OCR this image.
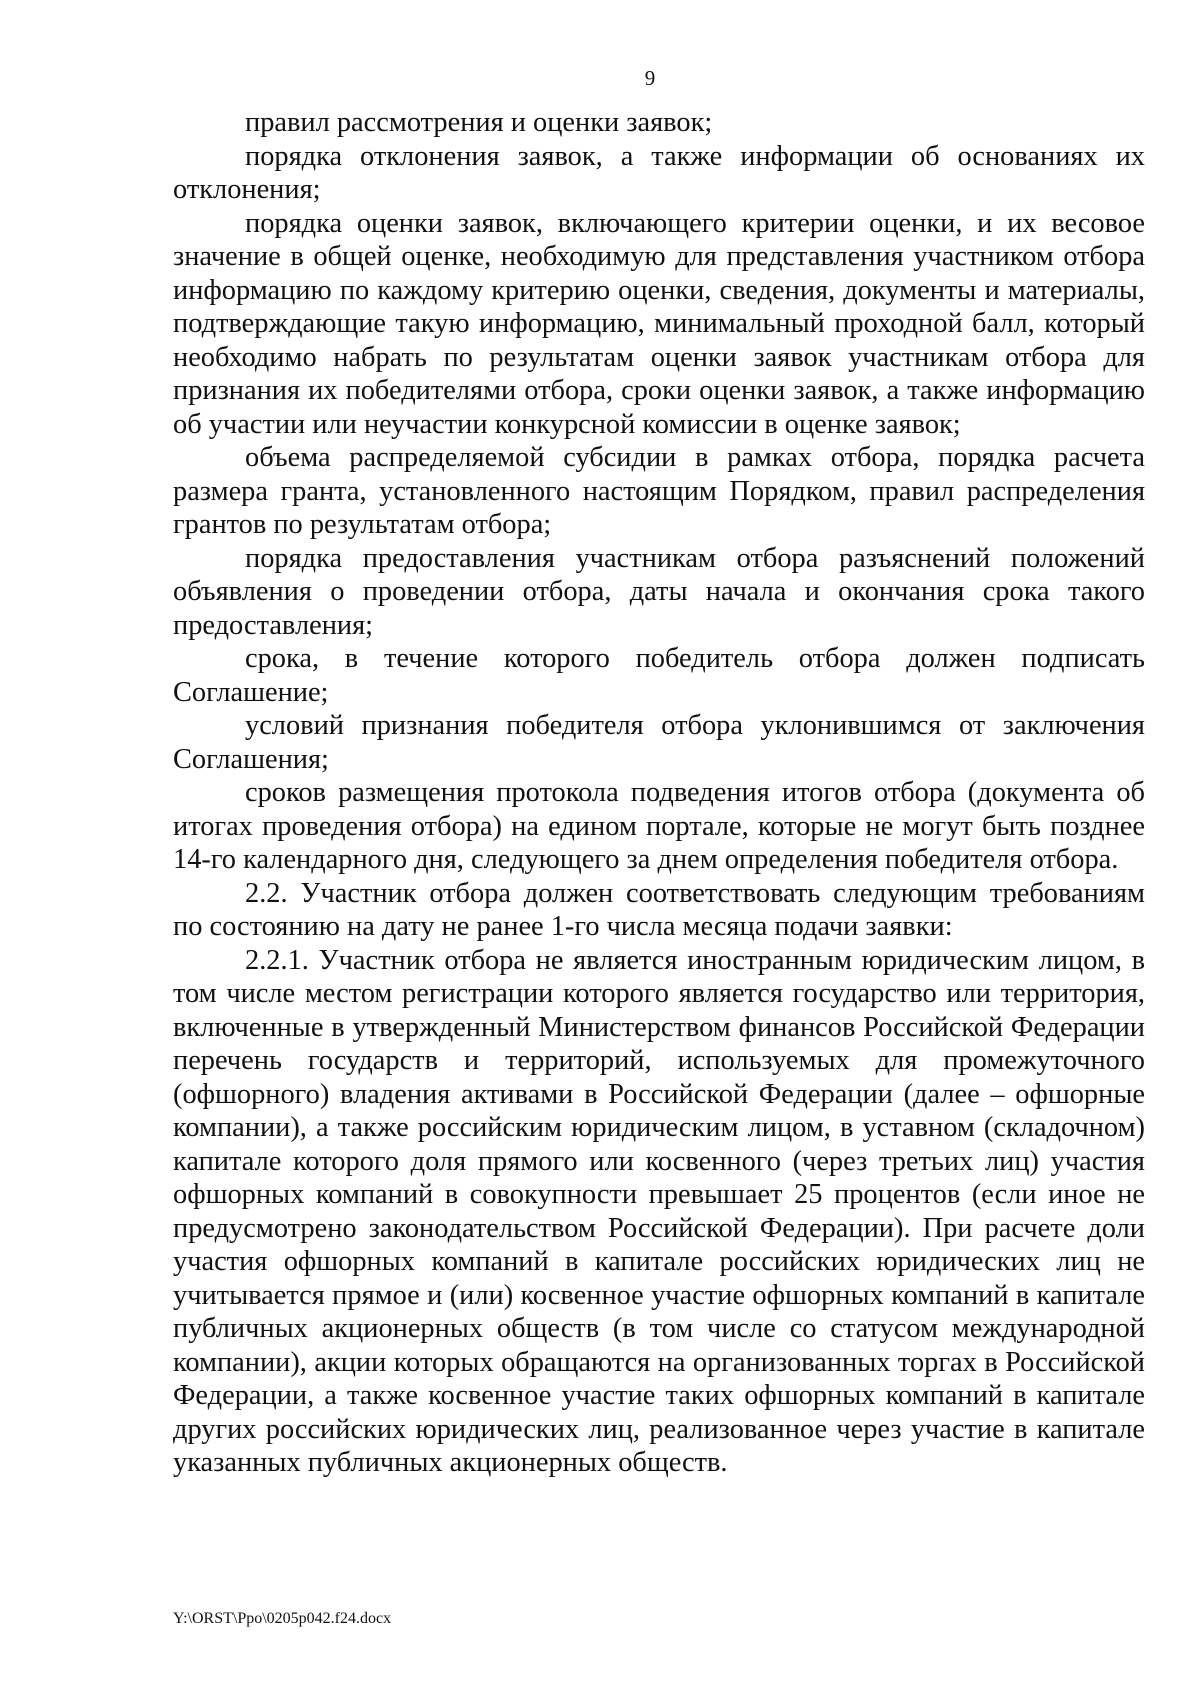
9

правил рассмотрения и оценки заявок;

порядка отклонения заявок, а также информации об основаниях их отклонения;

порядка оценки заявок, включающего критерии оценки, и их весовое значение в общей оценке, необходимую для представления участником отбора информацию по каждому критерию оценки, сведения, документы и материалы, подтверждающие такую информацию, минимальный проходной балл, который необходимо набрать по результатам оценки заявок участникам отбора для признания их победителями отбора, сроки оценки заявок, а также информацию об участии или неучастии конкурсной комиссии в оценке заявок;

объема распределяемой субсидии в рамках отбора, порядка расчета размера гранта, установленного настоящим Порядком, правил распределения грантов по результатам отбора;

порядка предоставления участникам отбора разъяснений положений объявления о проведении отбора, даты начала и окончания срока такого предоставления;

срока, в течение которого победитель отбора должен подписать Соглашение;

условий признания победителя отбора уклонившимся от заключения Соглашения;

сроков размещения протокола подведения итогов отбора (документа об итогах проведения отбора) на едином портале, которые не могут быть позднее 14-го календарного дня, следующего за днем определения победителя отбора.

2.2. Участник отбора должен соответствовать следующим требованиям по состоянию на дату не ранее 1-го числа месяца подачи заявки:

2.2.1. Участник отбора не является иностранным юридическим лицом, в том числе местом регистрации которого является государство или территория, включенные в утвержденный Министерством финансов Российской Федерации перечень государств и территорий, используемых для промежуточного (офшорного) владения активами в Российской Федерации (далее – офшорные компании), а также российским юридическим лицом, в уставном (складочном) капитале которого доля прямого или косвенного (через третьих лиц) участия офшорных компаний в совокупности превышает 25 процентов (если иное не предусмотрено законодательством Российской Федерации). При расчете доли участия офшорных компаний в капитале российских юридических лиц не учитывается прямое и (или) косвенное участие офшорных компаний в капитале публичных акционерных обществ (в том числе со статусом международной компании), акции которых обращаются на организованных торгах в Российской Федерации, а также косвенное участие таких офшорных компаний в капитале других российских юридических лиц, реализованное через участие в капитале указанных публичных акционерных обществ.

Y:\ORST\Ppo\0205p042.f24.docx
